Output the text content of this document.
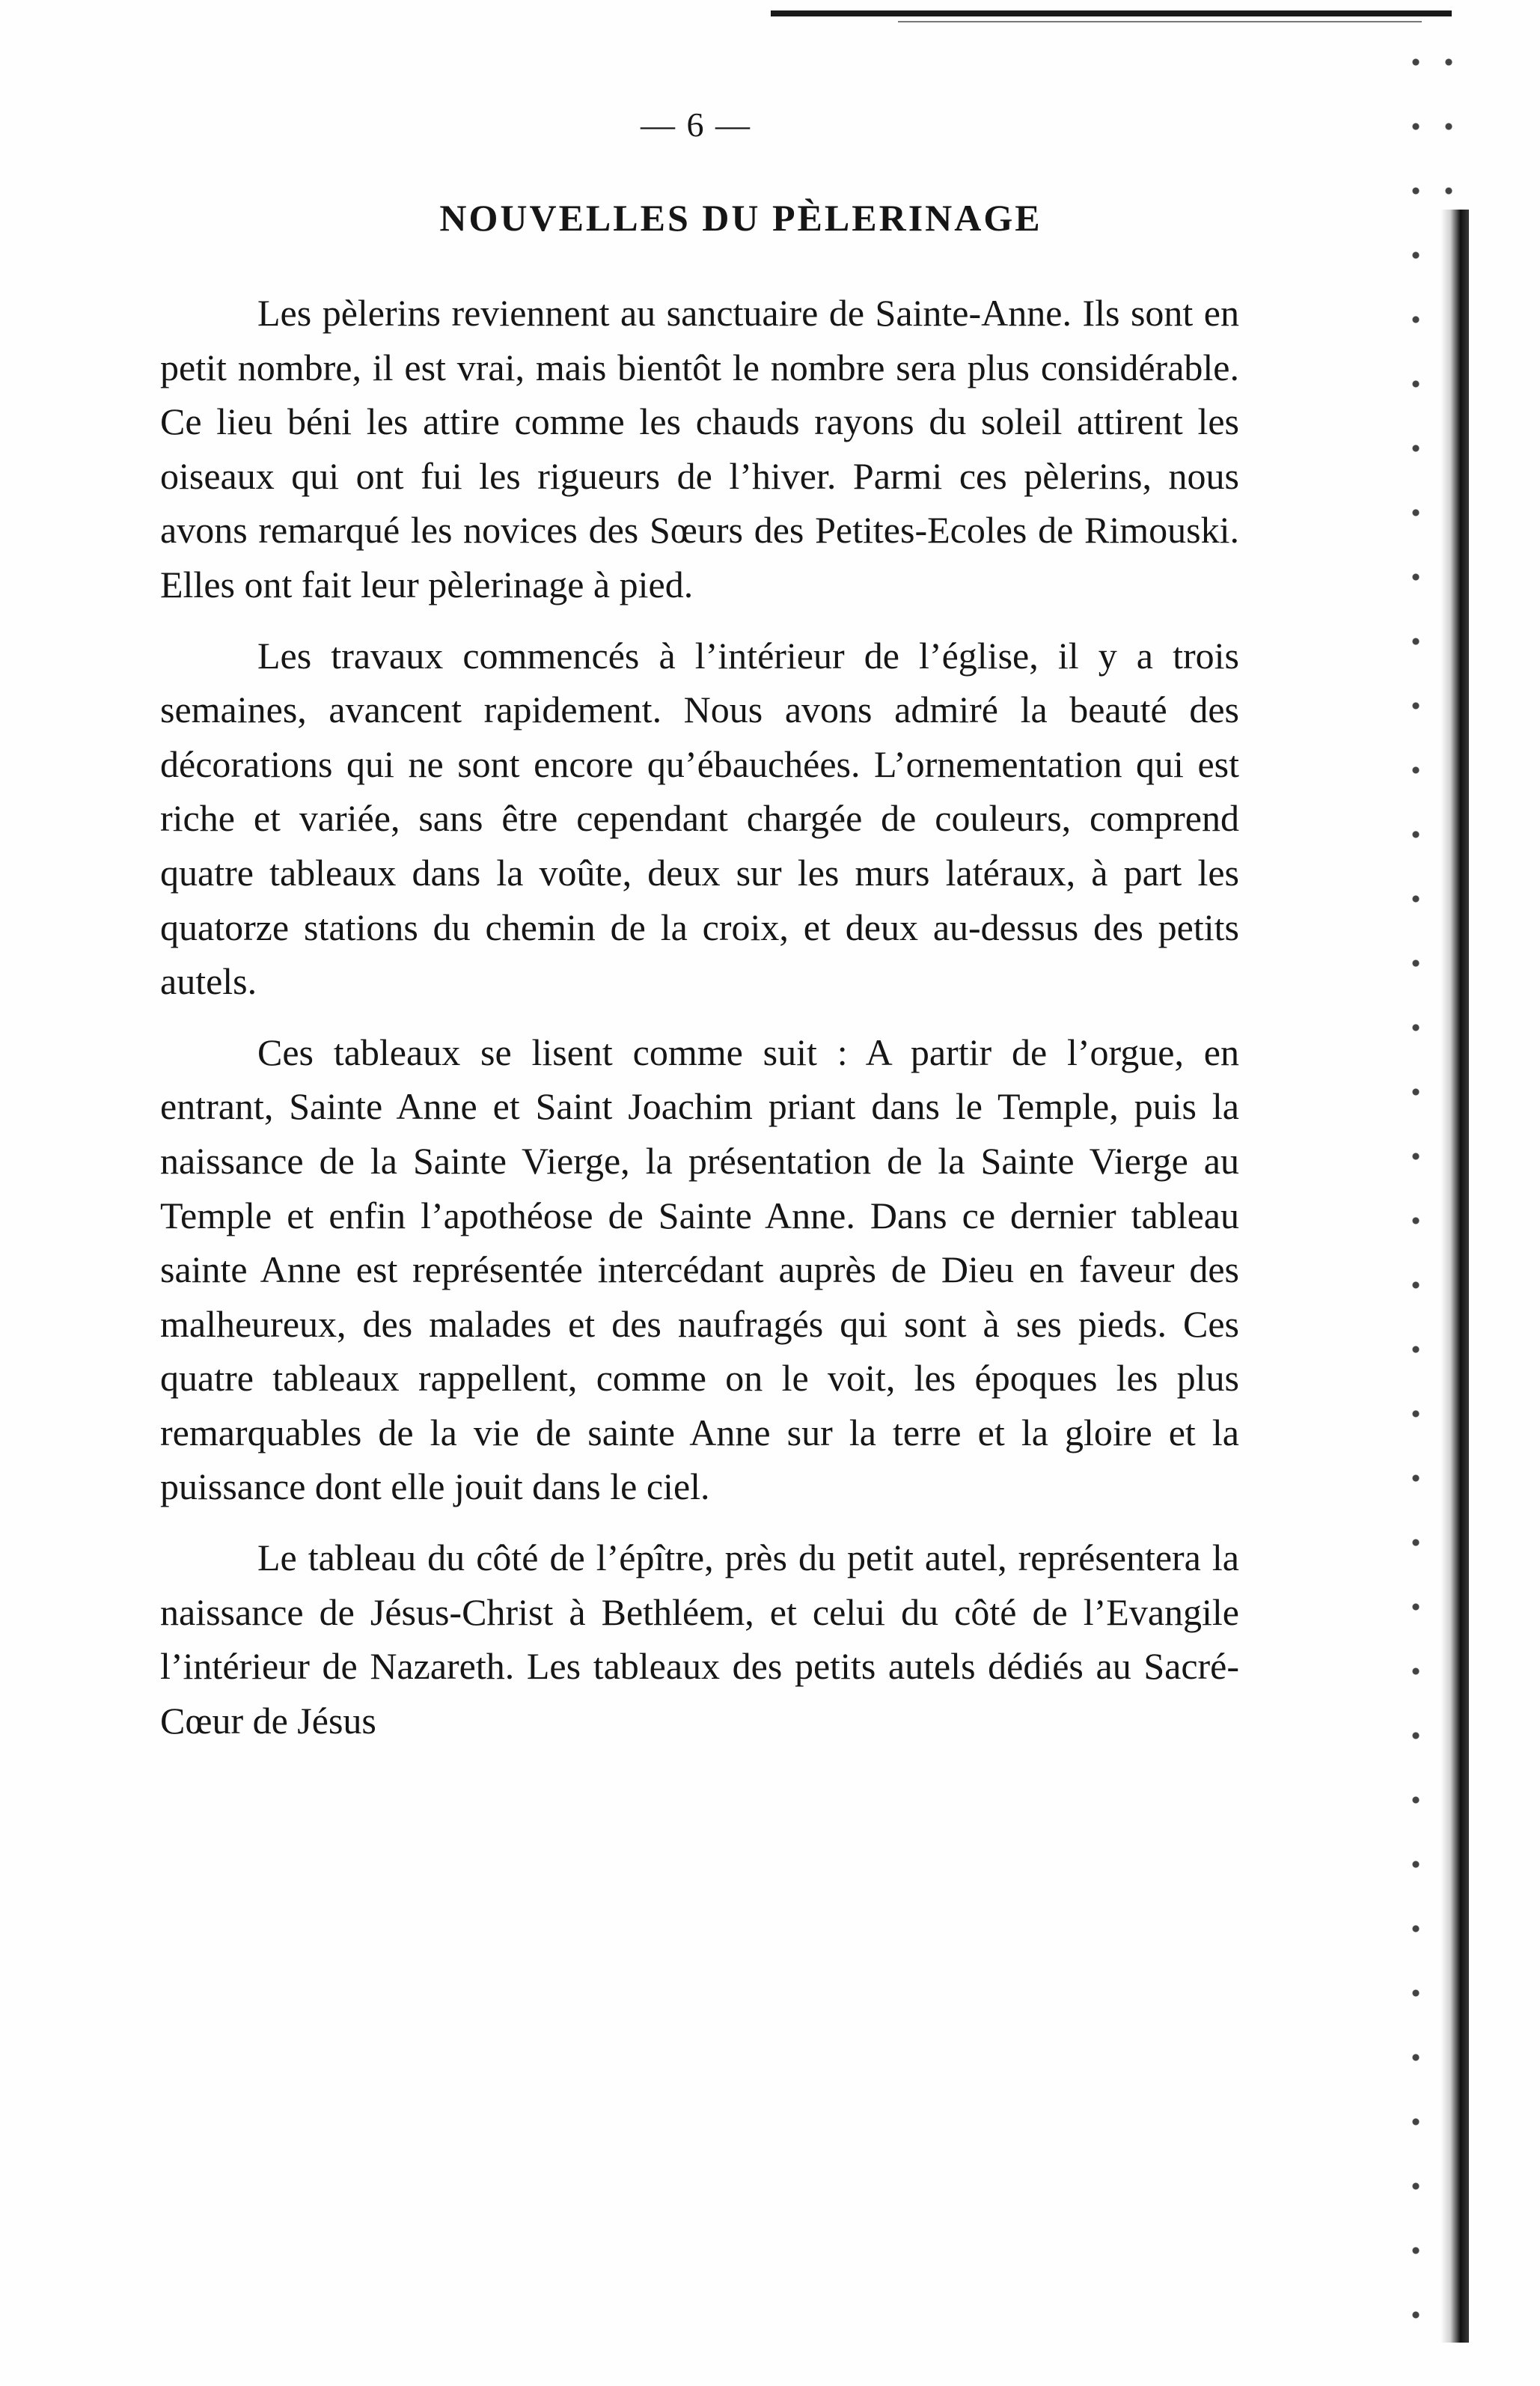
— 6 —
NOUVELLES DU PÈLERINAGE

Les pèlerins reviennent au sanctuaire de Sainte-Anne. Ils sont en petit nombre, il est vrai, mais bientôt le nombre sera plus considérable. Ce lieu béni les attire comme les chauds rayons du soleil attirent les oiseaux qui ont fui les rigueurs de l’hiver. Parmi ces pèlerins, nous avons remarqué les novices des Sœurs des Petites-Ecoles de Rimouski. Elles ont fait leur pèlerinage à pied.

Les travaux commencés à l’intérieur de l’église, il y a trois semaines, avancent rapidement. Nous avons admiré la beauté des décorations qui ne sont encore qu’ébauchées. L’ornementation qui est riche et variée, sans être cependant chargée de couleurs, comprend quatre tableaux dans la voûte, deux sur les murs latéraux, à part les quatorze stations du chemin de la croix, et deux au-dessus des petits autels.

Ces tableaux se lisent comme suit : A partir de l’orgue, en entrant, Sainte Anne et Saint Joachim priant dans le Temple, puis la naissance de la Sainte Vierge, la présentation de la Sainte Vierge au Temple et enfin l’apothéose de Sainte Anne. Dans ce dernier tableau sainte Anne est représentée intercédant auprès de Dieu en faveur des malheureux, des malades et des naufragés qui sont à ses pieds. Ces quatre tableaux rappellent, comme on le voit, les époques les plus remarquables de la vie de sainte Anne sur la terre et la gloire et la puissance dont elle jouit dans le ciel.

Le tableau du côté de l’épître, près du petit autel, représentera la naissance de Jésus-Christ à Bethléem, et celui du côté de l’Evangile l’intérieur de Nazareth. Les tableaux des petits autels dédiés au Sacré-Cœur de Jésus
